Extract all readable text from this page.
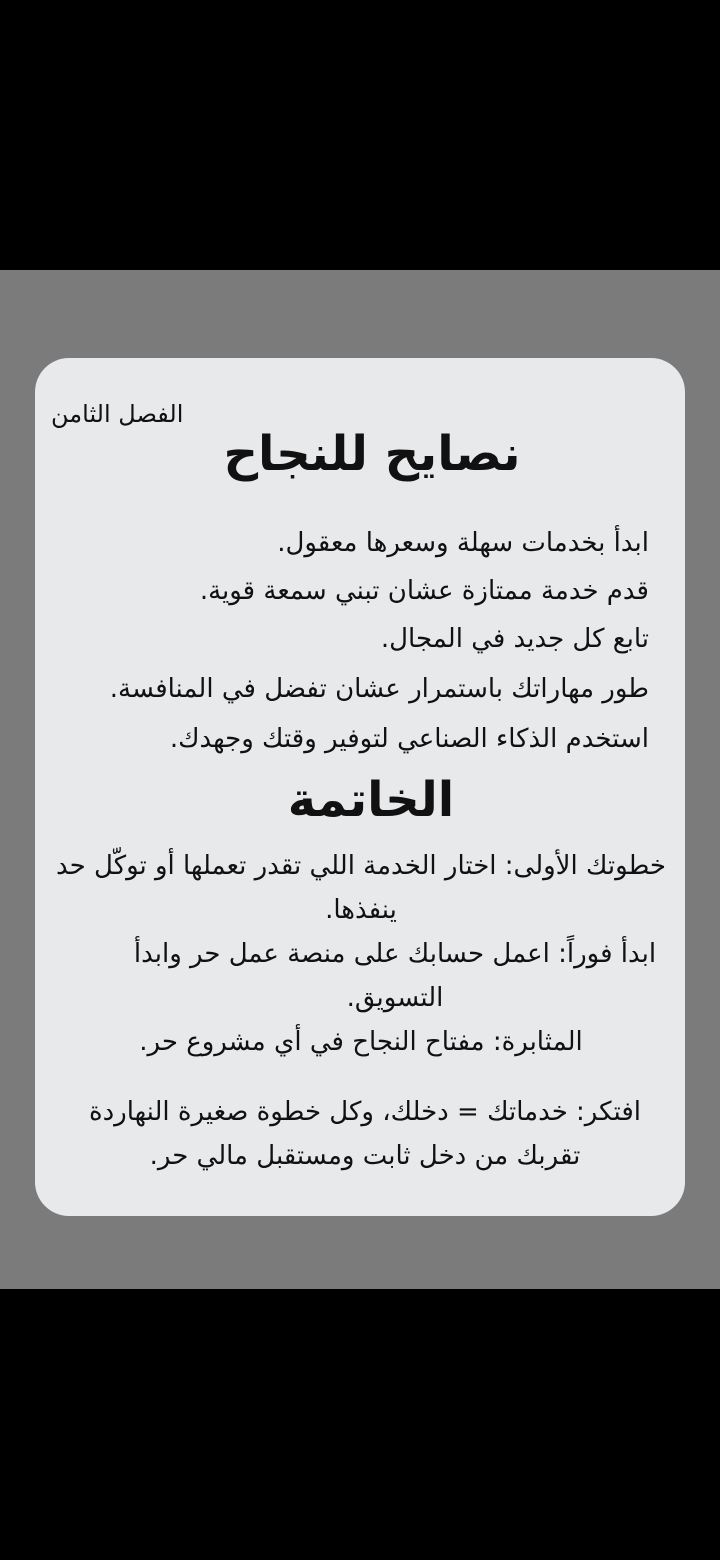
الفصل الثامن
نصايح للنجاح
ابدأ بخدمات سهلة وسعرها معقول.
قدم خدمة ممتازة عشان تبني سمعة قوية.
تابع كل جديد في المجال.
طور مهاراتك باستمرار عشان تفضل في المنافسة.
استخدم الذكاء الصناعي لتوفير وقتك وجهدك.
الخاتمة
خطوتك الأولى: اختار الخدمة اللي تقدر تعملها أو توكّل حد ينفذها.
ابدأ فوراً: اعمل حسابك على منصة عمل حر وابدأ التسويق.
المثابرة: مفتاح النجاح في أي مشروع حر.
افتكر: خدماتك = دخلك، وكل خطوة صغيرة النهاردة تقربك من دخل ثابت ومستقبل مالي حر.
